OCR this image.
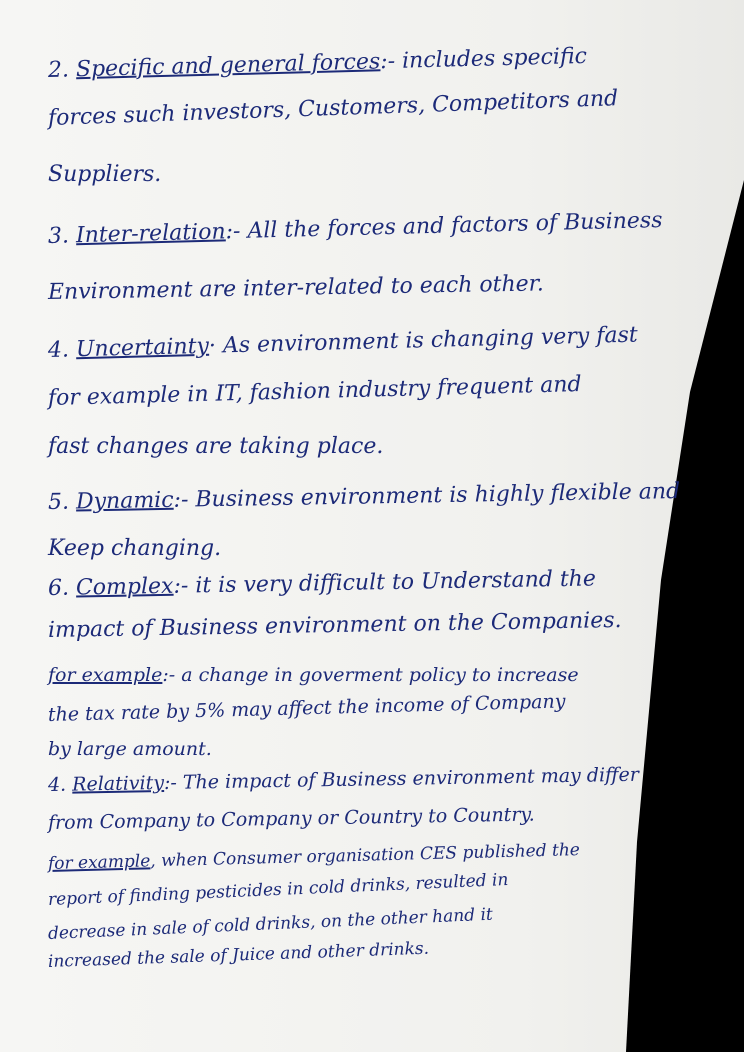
2. Specific and general forces:- includes specific
forces such investors, Customers, Competitors and
Suppliers.
3. Inter-relation:- All the forces and factors of Business
Environment are inter-related to each other.
4. Uncertainty· As environment is changing very fast
for example in IT, fashion industry frequent and
fast changes are taking place.
5. Dynamic:- Business environment is highly flexible and
Keep changing.
6. Complex:- it is very difficult to Understand the
impact of Business environment on the Companies.
for example:- a change in goverment policy to increase
the tax rate by 5% may affect the income of Company
by large amount.
4. Relativity:- The impact of Business environment may differ
from Company to Company or Country to Country.
for example, when Consumer organisation CES published the
report of finding pesticides in cold drinks, resulted in
decrease in sale of cold drinks, on the other hand it
increased the sale of Juice and other drinks.
